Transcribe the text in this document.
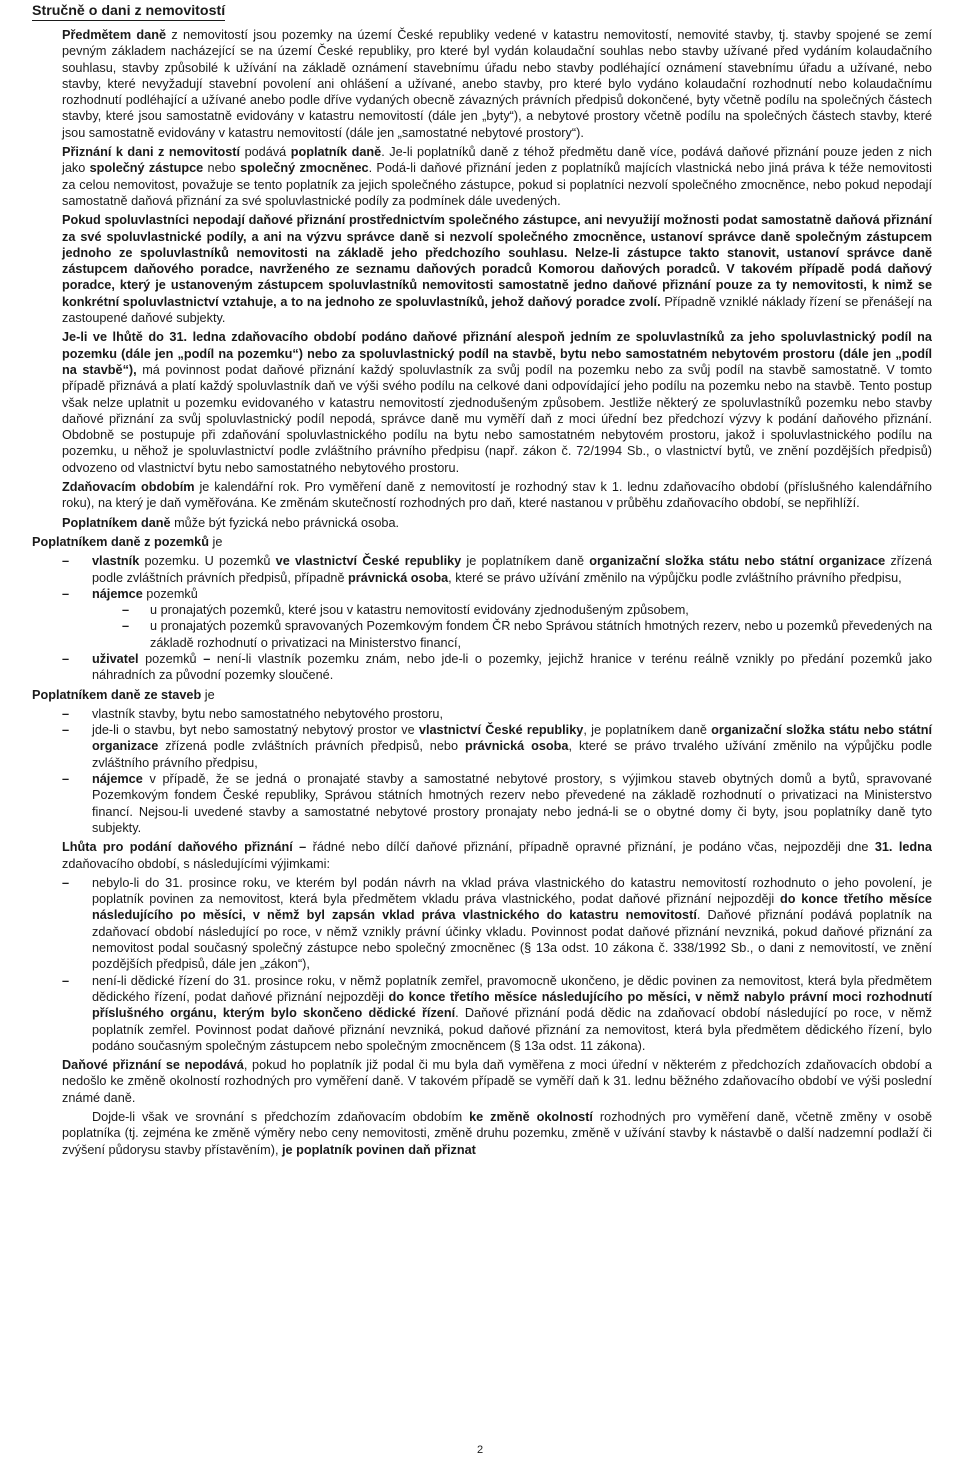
Stručně o dani z nemovitostí

Předmětem daně z nemovitostí jsou pozemky na území České republiky vedené v katastru nemovitostí, nemovité stavby, tj. stavby spojené se zemí pevným základem nacházející se na území České republiky, pro které byl vydán kolaudační souhlas nebo stavby užívané před vydáním kolaudačního souhlasu, stavby způsobilé k užívání na základě oznámení stavebnímu úřadu nebo stavby podléhající oznámení stavebnímu úřadu a užívané, nebo stavby, které nevyžadují stavební povolení ani ohlášení a užívané, anebo stavby, pro které bylo vydáno kolaudační rozhodnutí nebo kolaudačnímu rozhodnutí podléhající a užívané anebo podle dříve vydaných obecně závazných právních předpisů dokončené, byty včetně podílu na společných částech stavby, které jsou samostatně evidovány v katastru nemovitostí (dále jen „byty“), a nebytové prostory včetně podílu na společných částech stavby, které jsou samostatně evidovány v katastru nemovitostí (dále jen „samostatné nebytové prostory“).

Přiznání k dani z nemovitostí podává poplatník daně. Je-li poplatníků daně z téhož předmětu daně více, podává daňové přiznání pouze jeden z nich jako společný zástupce nebo společný zmocněnec. Podá-li daňové přiznání jeden z poplatníků majících vlastnická nebo jiná práva k téže nemovitosti za celou nemovitost, považuje se tento poplatník za jejich společného zástupce, pokud si poplatníci nezvolí společného zmocněnce, nebo pokud nepodají samostatně daňová přiznání za své spoluvlastnické podíly za podmínek dále uvedených.

Pokud spoluvlastníci nepodají daňové přiznání prostřednictvím společného zástupce, ani nevyužijí možnosti podat samostatně daňová přiznání za své spoluvlastnické podíly, a ani na výzvu správce daně si nezvolí společného zmocněnce, ustanoví správce daně společným zástupcem jednoho ze spoluvlastníků nemovitosti na základě jeho předchozího souhlasu. Nelze-li zástupce takto stanovit, ustanoví správce daně zástupcem daňového poradce, navrženého ze seznamu daňových poradců Komorou daňových poradců. V takovém případě podá daňový poradce, který je ustanoveným zástupcem spoluvlastníků nemovitosti samostatně jedno daňové přiznání pouze za ty nemovitosti, k nimž se konkrétní spoluvlastnictví vztahuje, a to na jednoho ze spoluvlastníků, jehož daňový poradce zvolí. Případně vzniklé náklady řízení se přenášejí na zastoupené daňové subjekty.

Je-li ve lhůtě do 31. ledna zdaňovacího období podáno daňové přiznání alespoň jedním ze spoluvlastníků za jeho spoluvlastnický podíl na pozemku (dále jen „podíl na pozemku“) nebo za spoluvlastnický podíl na stavbě, bytu nebo samostatném nebytovém prostoru (dále jen „podíl na stavbě“), má povinnost podat daňové přiznání každý spoluvlastník za svůj podíl na pozemku nebo za svůj podíl na stavbě samostatně. V tomto případě přiznává a platí každý spoluvlastník daň ve výši svého podílu na celkové dani odpovídající jeho podílu na pozemku nebo na stavbě. Tento postup však nelze uplatnit u pozemku evidovaného v katastru nemovitostí zjednodušeným způsobem. Jestliže některý ze spoluvlastníků pozemku nebo stavby daňové přiznání za svůj spoluvlastnický podíl nepodá, správce daně mu vyměří daň z moci úřední bez předchozí výzvy k podání daňového přiznání. Obdobně se postupuje při zdaňování spoluvlastnického podílu na bytu nebo samostatném nebytovém prostoru, jakož i spoluvlastnického podílu na pozemku, u něhož je spoluvlastnictví podle zvláštního právního předpisu (např. zákon č. 72/1994 Sb., o vlastnictví bytů, ve znění pozdějších předpisů) odvozeno od vlastnictví bytu nebo samostatného nebytového prostoru.

Zdaňovacím obdobím je kalendářní rok. Pro vyměření daně z nemovitostí je rozhodný stav k 1. lednu zdaňovacího období (příslušného kalendářního roku), na který je daň vyměřována. Ke změnám skutečností rozhodných pro daň, které nastanou v průběhu zdaňovacího období, se nepřihlíží.

Poplatníkem daně může být fyzická nebo právnická osoba.

Poplatníkem daně z pozemků je

– vlastník pozemku. U pozemků ve vlastnictví České republiky je poplatníkem daně organizační složka státu nebo státní organizace zřízená podle zvláštních právních předpisů, případně právnická osoba, které se právo užívání změnilo na výpůjčku podle zvláštního právního předpisu,
– nájemce pozemků
– u pronajatých pozemků, které jsou v katastru nemovitostí evidovány zjednodušeným způsobem,
– u pronajatých pozemků spravovaných Pozemkovým fondem ČR nebo Správou státních hmotných rezerv, nebo u pozemků převedených na základě rozhodnutí o privatizaci na Ministerstvo financí,
– uživatel pozemků – není-li vlastník pozemku znám, nebo jde-li o pozemky, jejichž hranice v terénu reálně vznikly po předání pozemků jako náhradních za původní pozemky sloučené.

Poplatníkem daně ze staveb je

– vlastník stavby, bytu nebo samostatného nebytového prostoru,
– jde-li o stavbu, byt nebo samostatný nebytový prostor ve vlastnictví České republiky, je poplatníkem daně organizační složka státu nebo státní organizace zřízená podle zvláštních právních předpisů, nebo právnická osoba, které se právo trvalého užívání změnilo na výpůjčku podle zvláštního právního předpisu,
– nájemce v případě, že se jedná o pronajaté stavby a samostatné nebytové prostory, s výjimkou staveb obytných domů a bytů, spravované Pozemkovým fondem České republiky, Správou státních hmotných rezerv nebo převedené na základě rozhodnutí o privatizaci na Ministerstvo financí. Nejsou-li uvedené stavby a samostatné nebytové prostory pronajaty nebo jedná-li se o obytné domy či byty, jsou poplatníky daně tyto subjekty.

Lhůta pro podání daňového přiznání – řádné nebo dílčí daňové přiznání, případně opravné přiznání, je podáno včas, nejpozději dne 31. ledna zdaňovacího období, s následujícími výjimkami:

– nebylo-li do 31. prosince roku, ve kterém byl podán návrh na vklad práva vlastnického do katastru nemovitostí rozhodnuto o jeho povolení, je poplatník povinen za nemovitost, která byla předmětem vkladu práva vlastnického, podat daňové přiznání nejpozději do konce třetího měsíce následujícího po měsíci, v němž byl zapsán vklad práva vlastnického do katastru nemovitostí. Daňové přiznání podává poplatník na zdaňovací období následující po roce, v němž vznikly právní účinky vkladu. Povinnost podat daňové přiznání nevzniká, pokud daňové přiznání za nemovitost podal současný společný zástupce nebo společný zmocněnec (§ 13a odst. 10 zákona č. 338/1992 Sb., o dani z nemovitostí, ve znění pozdějších předpisů, dále jen „zákon“),
– není-li dědické řízení do 31. prosince roku, v němž poplatník zemřel, pravomocně ukončeno, je dědic povinen za nemovitost, která byla předmětem dědického řízení, podat daňové přiznání nejpozději do konce třetího měsíce následujícího po měsíci, v němž nabylo právní moci rozhodnutí příslušného orgánu, kterým bylo skončeno dědické řízení. Daňové přiznání podá dědic na zdaňovací období následující po roce, v němž poplatník zemřel. Povinnost podat daňové přiznání nevzniká, pokud daňové přiznání za nemovitost, která byla předmětem dědického řízení, bylo podáno současným společným zástupcem nebo společným zmocněncem (§ 13a odst. 11 zákona).

Daňové přiznání se nepodává, pokud ho poplatník již podal či mu byla daň vyměřena z moci úřední v některém z předchozích zdaňovacích období a nedošlo ke změně okolností rozhodných pro vyměření daně. V takovém případě se vyměří daň k 31. lednu běžného zdaňovacího období ve výši poslední známé daně.

Dojde-li však ve srovnání s předchozím zdaňovacím obdobím ke změně okolností rozhodných pro vyměření daně, včetně změny v osobě poplatníka (tj. zejména ke změně výměry nebo ceny nemovitosti, změně druhu pozemku, změně v užívání stavby k nástavbě o další nadzemní podlaží či zvýšení půdorysu stavby přístavěním), je poplatník povinen daň přiznat

2
